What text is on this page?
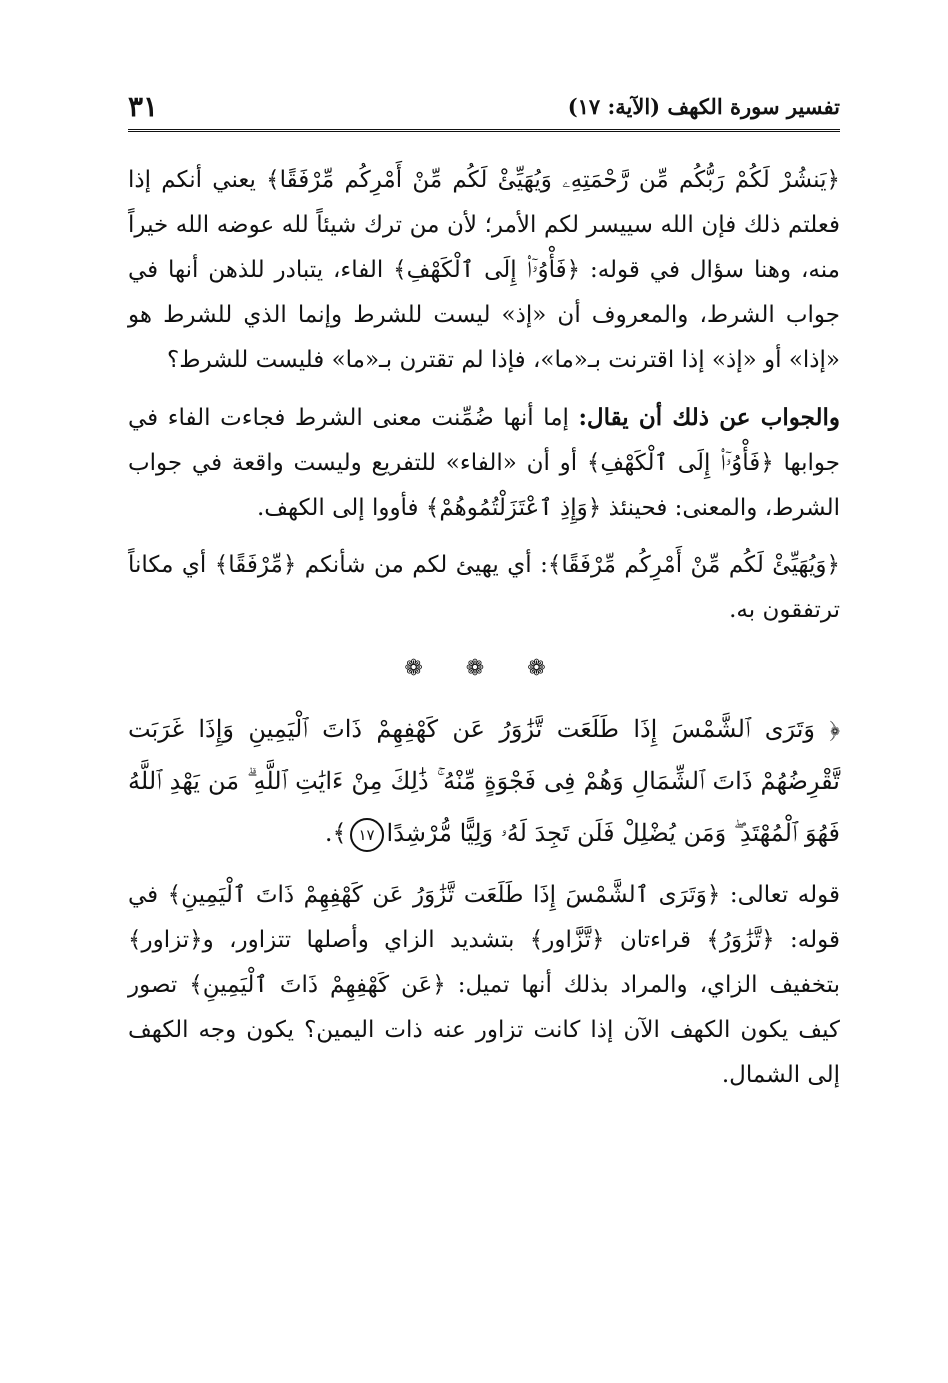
تفسير سورة الكهف (الآية: ١٧)
٣١

﴿يَنشُرْ لَكُمْ رَبُّكُم مِّن رَّحْمَتِهِۦ وَيُهَيِّئْ لَكُم مِّنْ أَمْرِكُم مِّرْفَقًا﴾ يعني أنكم إذا فعلتم ذلك فإن الله سييسر لكم الأمر؛ لأن من ترك شيئاً لله عوضه الله خيراً منه، وهنا سؤال في قوله: ﴿فَأْوُۥٓا۟ إِلَى ٱلْكَهْفِ﴾ الفاء، يتبادر للذهن أنها في جواب الشرط، والمعروف أن «إذ» ليست للشرط وإنما الذي للشرط هو «إذا» أو «إذ» إذا اقترنت بـ«ما»، فإذا لم تقترن بـ«ما» فليست للشرط؟

والجواب عن ذلك أن يقال: إما أنها ضُمِّنت معنى الشرط فجاءت الفاء في جوابها ﴿فَأْوُۥٓا۟ إِلَى ٱلْكَهْفِ﴾ أو أن «الفاء» للتفريع وليست واقعة في جواب الشرط، والمعنى: فحينئذ ﴿وَإِذِ ٱعْتَزَلْتُمُوهُمْ﴾ فأووا إلى الكهف.

﴿وَيُهَيِّئْ لَكُم مِّنْ أَمْرِكُم مِّرْفَقًا﴾: أي يهيئ لكم من شأنكم ﴿مِّرْفَقًا﴾ أي مكاناً ترتفقون به.

❁ ❁ ❁

﴿ وَتَرَى ٱلشَّمْسَ إِذَا طَلَعَت تَّزَٰوَرُ عَن كَهْفِهِمْ ذَاتَ ٱلْيَمِينِ وَإِذَا غَرَبَت تَّقْرِضُهُمْ ذَاتَ ٱلشِّمَالِ وَهُمْ فِى فَجْوَةٍ مِّنْهُ ۚ ذَٰلِكَ مِنْ ءَايَٰتِ ٱللَّهِ ۗ مَن يَهْدِ ٱللَّهُ فَهُوَ ٱلْمُهْتَدِ ۖ وَمَن يُضْلِلْ فَلَن تَجِدَ لَهُۥ وَلِيًّا مُّرْشِدًا١٧﴾.

قوله تعالى: ﴿وَتَرَى ٱلشَّمْسَ إِذَا طَلَعَت تَّزَٰوَرُ عَن كَهْفِهِمْ ذَاتَ ٱلْيَمِينِ﴾ في قوله: ﴿تَّزَٰوَرُ﴾ قراءتان ﴿تَّزَّاور﴾ بتشديد الزاي وأصلها تتزاور، و﴿تزاور﴾ بتخفيف الزاي، والمراد بذلك أنها تميل: ﴿عَن كَهْفِهِمْ ذَاتَ ٱلْيَمِينِ﴾ تصور كيف يكون الكهف الآن إذا كانت تزاور عنه ذات اليمين؟ يكون وجه الكهف إلى الشمال.
